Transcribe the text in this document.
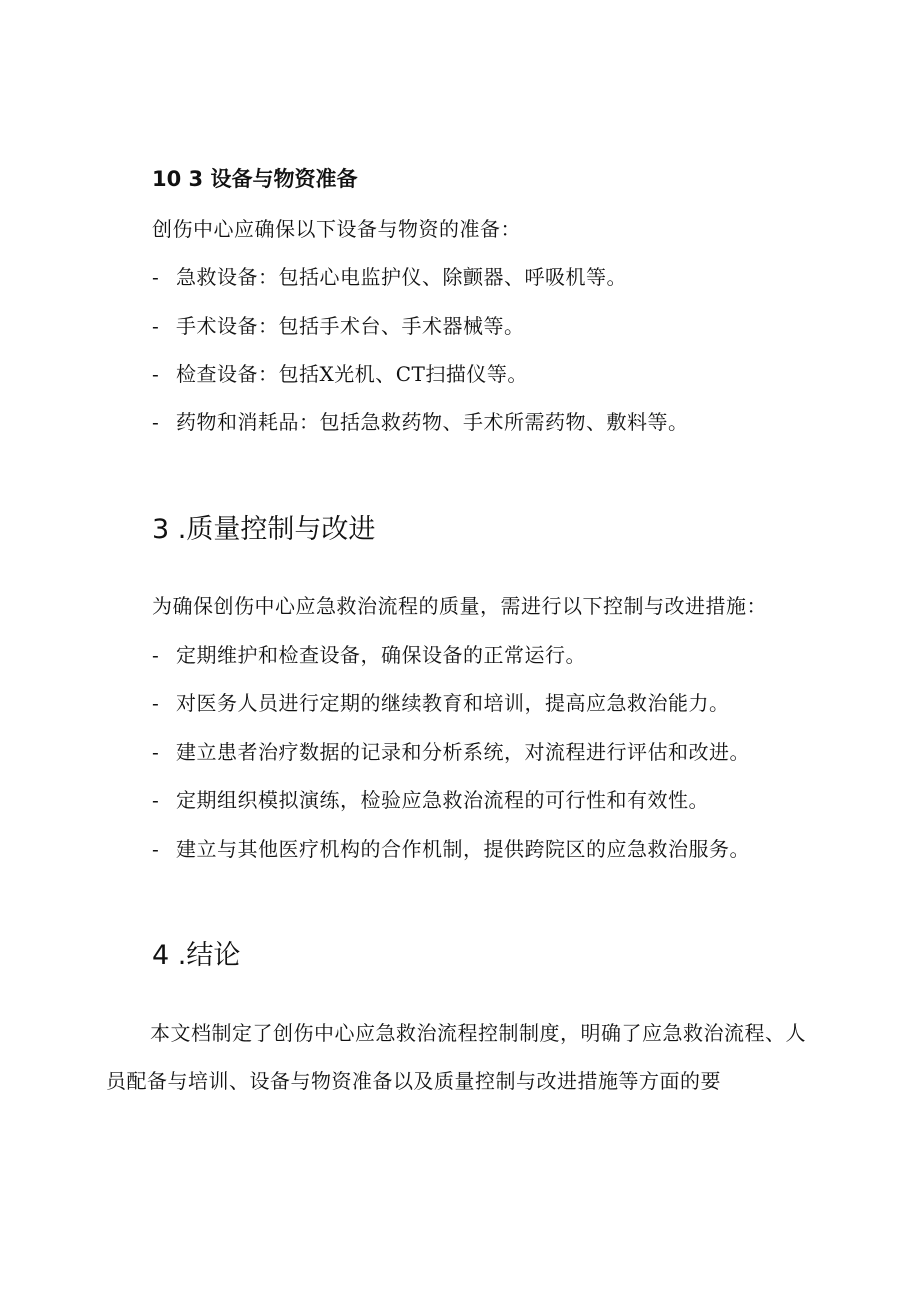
10 3 设备与物资准备
创伤中心应确保以下设备与物资的准备：
- 急救设备：包括心电监护仪、除颤器、呼吸机等。
- 手术设备：包括手术台、手术器械等。
- 检查设备：包括X光机、CT扫描仪等。
- 药物和消耗品：包括急救药物、手术所需药物、敷料等。
3 .质量控制与改进
为确保创伤中心应急救治流程的质量，需进行以下控制与改进措施：
- 定期维护和检查设备，确保设备的正常运行。
- 对医务人员进行定期的继续教育和培训，提高应急救治能力。
- 建立患者治疗数据的记录和分析系统，对流程进行评估和改进。
- 定期组织模拟演练，检验应急救治流程的可行性和有效性。
- 建立与其他医疗机构的合作机制，提供跨院区的应急救治服务。
4 .结论
本文档制定了创伤中心应急救治流程控制制度，明确了应急救治流程、人员配备与培训、设备与物资准备以及质量控制与改进措施等方面的要
